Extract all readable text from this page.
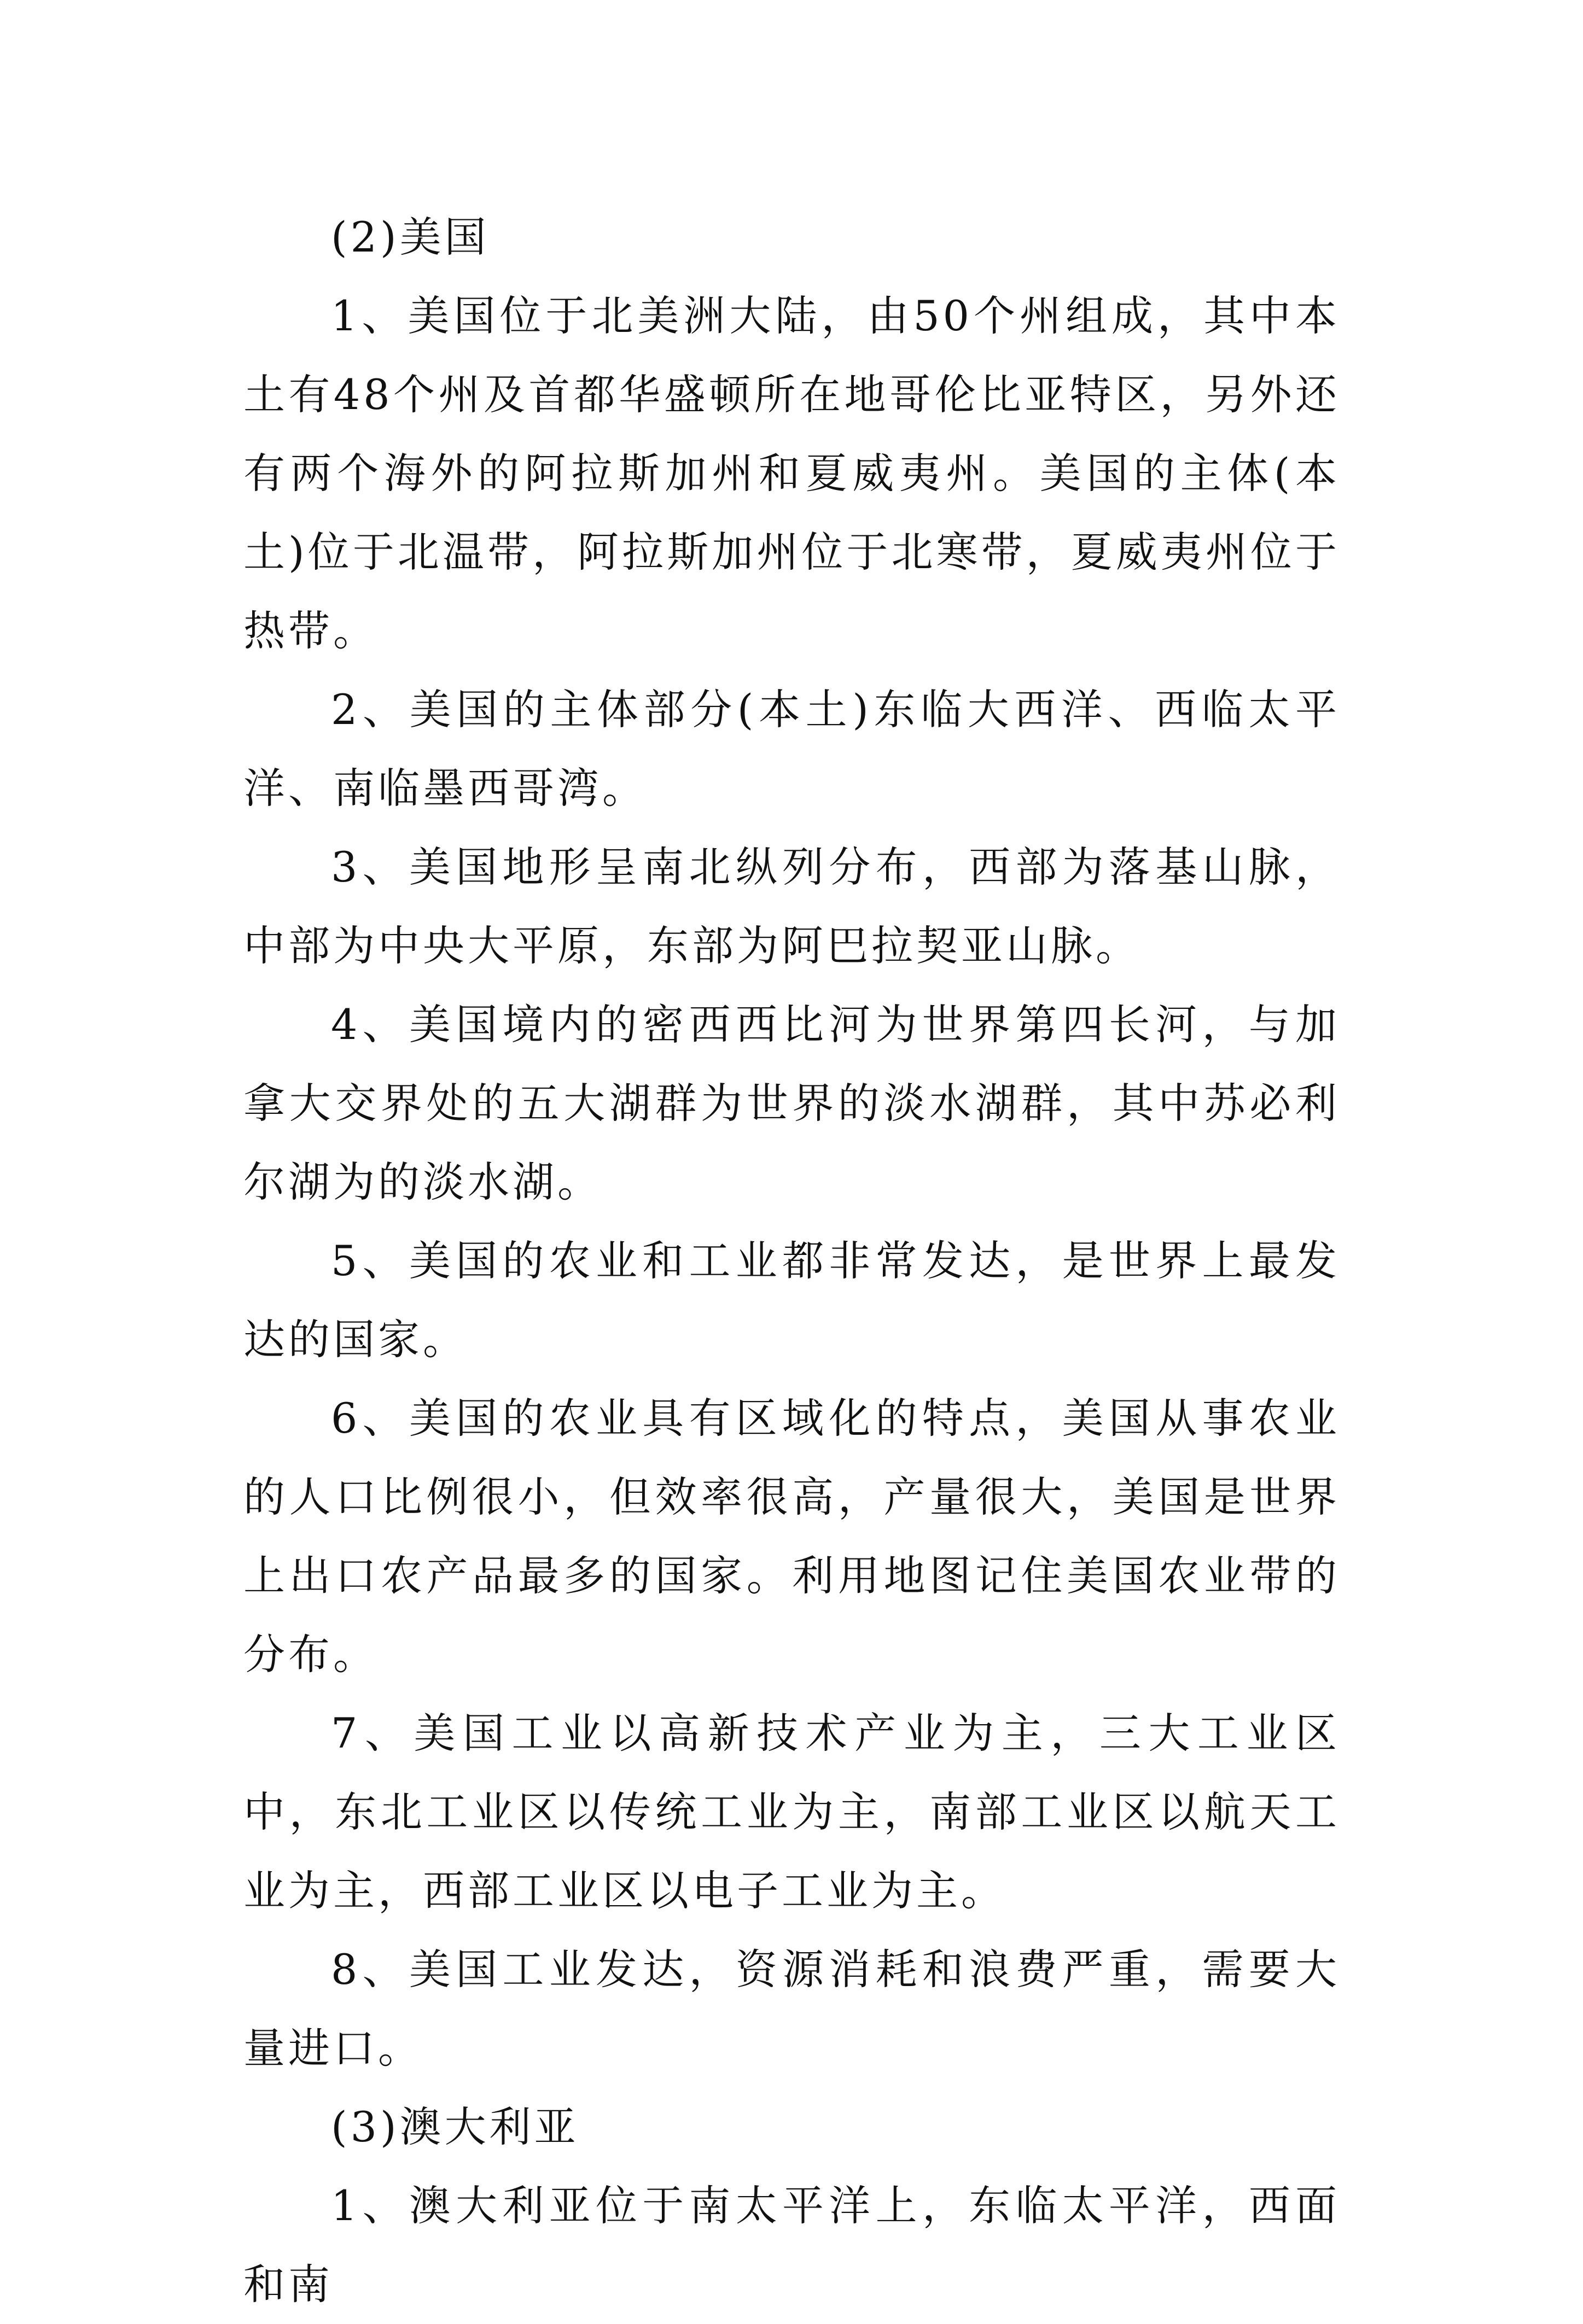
(2)美国

1、美国位于北美洲大陆，由50个州组成，其中本土有48个州及首都华盛顿所在地哥伦比亚特区，另外还有两个海外的阿拉斯加州和夏威夷州。美国的主体(本土)位于北温带，阿拉斯加州位于北寒带，夏威夷州位于热带。

2、美国的主体部分(本土)东临大西洋、西临太平洋、南临墨西哥湾。

3、美国地形呈南北纵列分布，西部为落基山脉，中部为中央大平原，东部为阿巴拉契亚山脉。

4、美国境内的密西西比河为世界第四长河，与加拿大交界处的五大湖群为世界的淡水湖群，其中苏必利尔湖为的淡水湖。

5、美国的农业和工业都非常发达，是世界上最发达的国家。

6、美国的农业具有区域化的特点，美国从事农业的人口比例很小，但效率很高，产量很大，美国是世界上出口农产品最多的国家。利用地图记住美国农业带的分布。

7、美国工业以高新技术产业为主，三大工业区中，东北工业区以传统工业为主，南部工业区以航天工业为主，西部工业区以电子工业为主。

8、美国工业发达，资源消耗和浪费严重，需要大量进口。

(3)澳大利亚

1、澳大利亚位于南太平洋上，东临太平洋，西面和南
